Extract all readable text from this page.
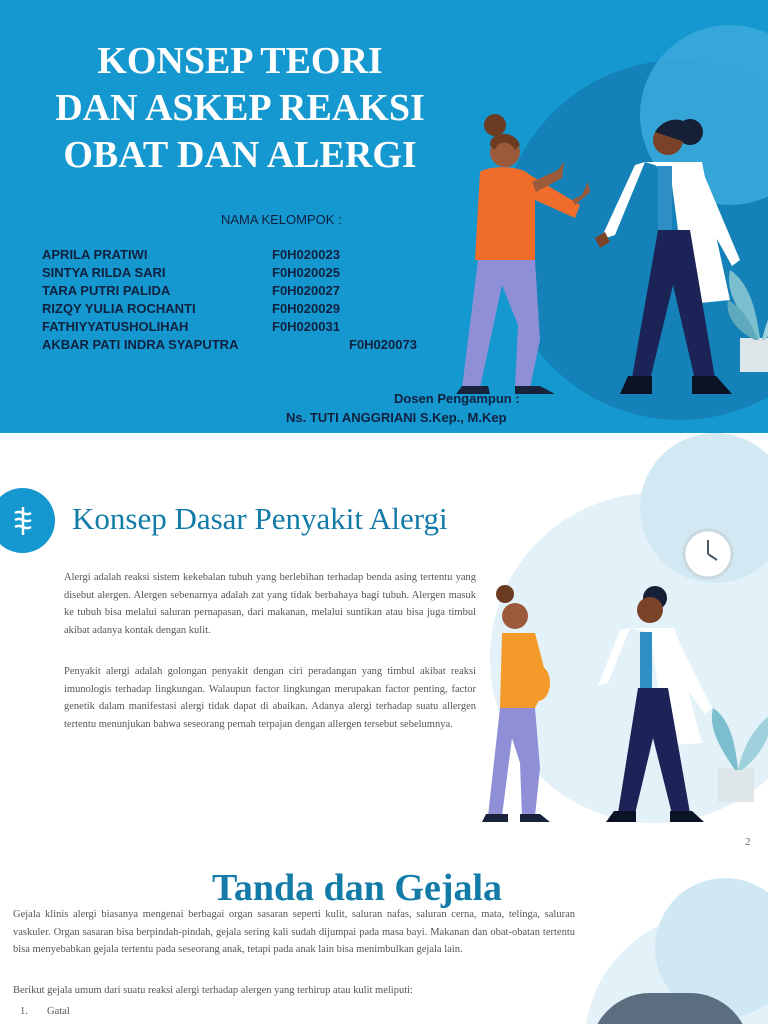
KONSEP TEORI
DAN ASKEP REAKSI
OBAT DAN ALERGI
NAMA KELOMPOK :
APRILA PRATIWI	F0H020023
SINTYA RILDA SARI	F0H020025
TARA PUTRI PALIDA	F0H020027
RIZQY YULIA ROCHANTI	F0H020029
FATHIYYATUSHOLIHAH	F0H020031
AKBAR PATI INDRA SYAPUTRA	F0H020073
Dosen Pengampun :
Ns. TUTI ANGGRIANI S.Kep., M.Kep
Konsep Dasar Penyakit Alergi

Alergi adalah reaksi sistem kekebalan tubuh yang berlebihan terhadap benda asing tertentu yang disebut alergen. Alergen sebenarnya adalah zat yang tidak berbahaya bagi tubuh. Alergen masuk ke tubuh bisa melalui saluran pernapasan, dari makanan, melalui suntikan atau bisa juga timbul akibat adanya kontak dengan kulit.

Penyakit alergi adalah golongan penyakit dengan ciri peradangan yang timbul akibat reaksi imunologis terhadap lingkungan. Walaupun factor lingkungan merupakan factor penting, factor genetik dalam manifestasi alergi tidak dapat di abaikan. Adanya alergi terhadap suatu allergen tertentu menunjukan bahwa seseorang pernah terpajan dengan allergen tersebut sebelumnya.

2
Tanda dan Gejala

Gejala klinis alergi biasanya mengenai berbagai organ sasaran seperti kulit, saluran nafas, saluran cerna, mata, telinga, saluran vaskuler. Organ sasaran bisa berpindah-pindah, gejala sering kali sudah dijumpai pada masa bayi. Makanan dan obat-obatan tertentu bisa menyebabkan gejala tertentu pada seseorang anak, tetapi pada anak lain bisa menimbulkan gejala lain.

Berikut gejala umum dari suatu reaksi alergi terhadap alergen yang terhirup atau kulit meliputi:

1. Gatal
